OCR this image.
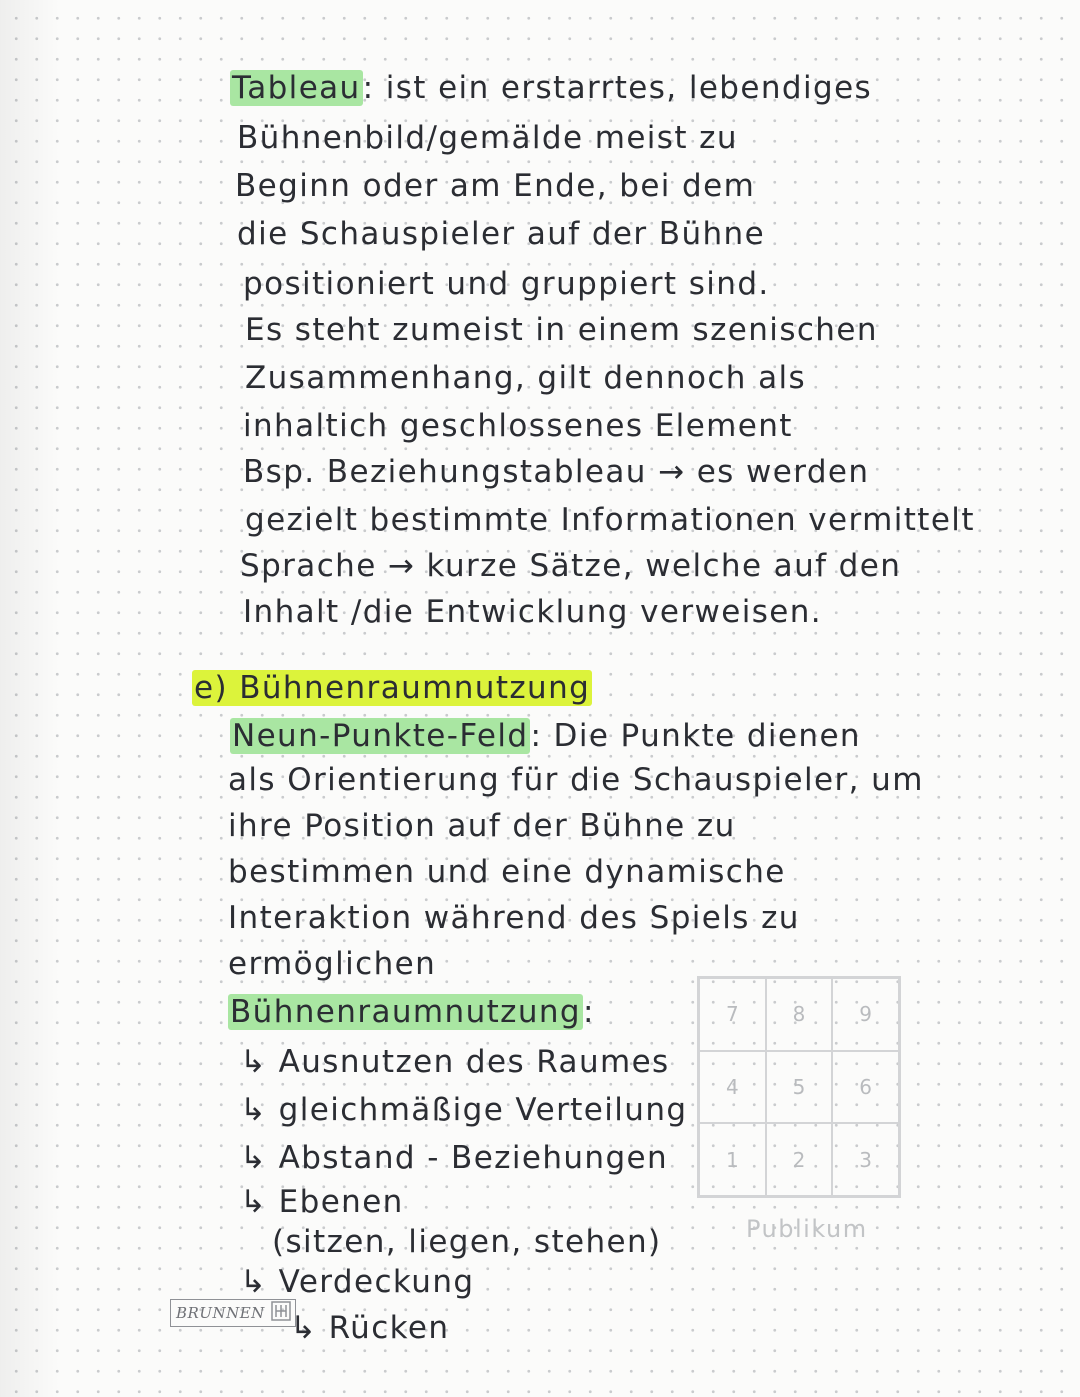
Tableau: ist ein erstarrtes, lebendiges
Bühnenbild/gemälde meist zu
Beginn oder am Ende, bei dem
die Schauspieler auf der Bühne
positioniert und gruppiert sind.
Es steht zumeist in einem szenischen
Zusammenhang, gilt dennoch als
inhaltich geschlossenes Element
Bsp. Beziehungstableau → es werden
gezielt bestimmte Informationen vermittelt
Sprache → kurze Sätze, welche auf den
Inhalt /die Entwicklung verweisen.
e) Bühnenraumnutzung
Neun-Punkte-Feld: Die Punkte dienen
als Orientierung für die Schauspieler, um
ihre Position auf der Bühne zu
bestimmen und eine dynamische
Interaktion während des Spiels zu
ermöglichen
Bühnenraumnutzung:
↳ Ausnutzen des Raumes
↳ gleichmäßige Verteilung
↳ Abstand - Beziehungen
↳ Ebenen
(sitzen, liegen, stehen)
↳ Verdeckung
↳ Rücken
7	8	9
4	5	6
1	2	3
Publikum
BRUNNEN
